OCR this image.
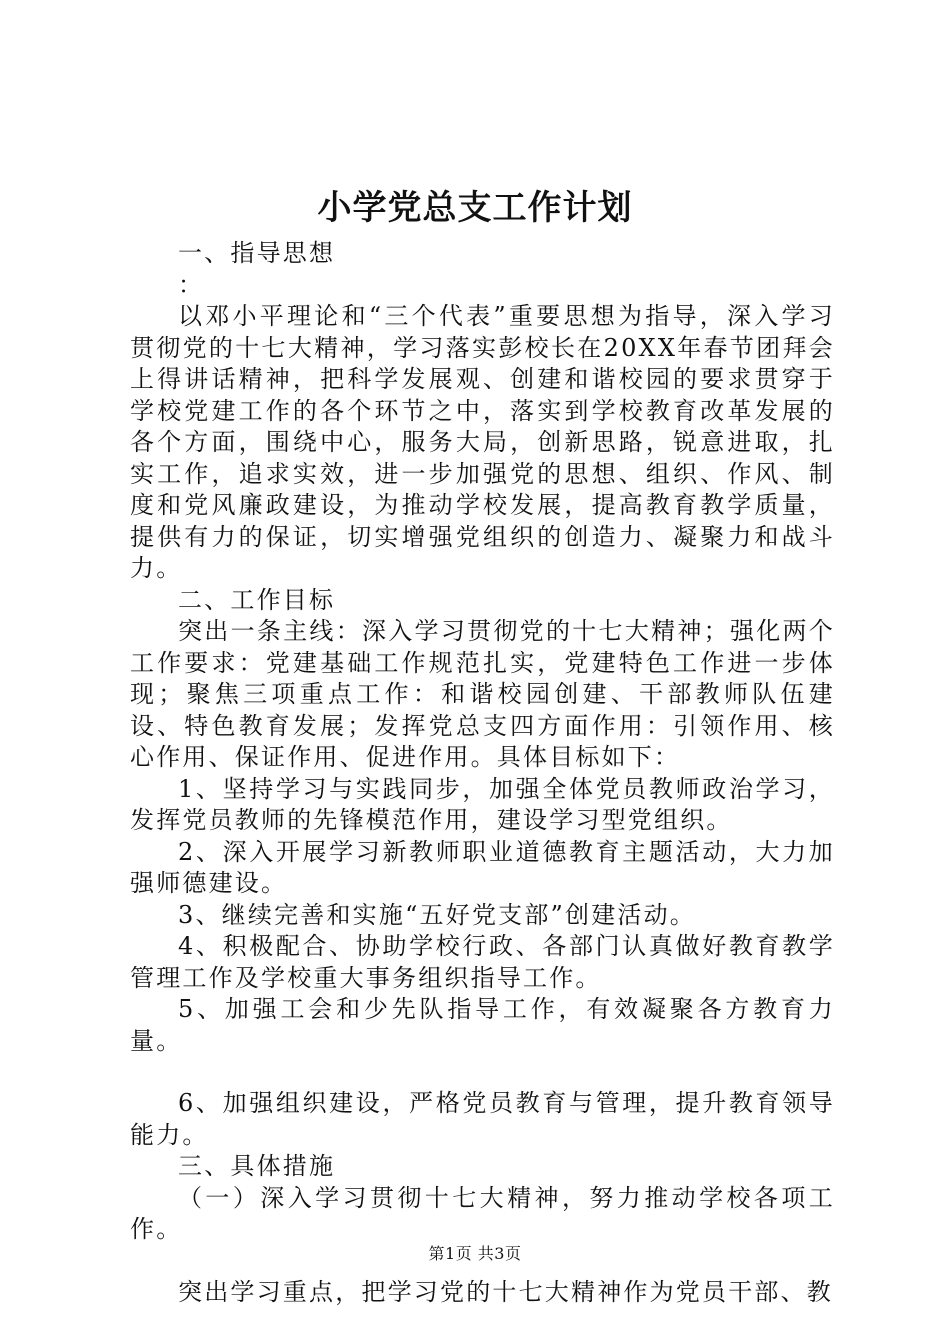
小学党总支工作计划

一、指导思想

：

以邓小平理论和“三个代表”重要思想为指导，深入学习贯彻党的十七大精神，学习落实彭校长在20XX年春节团拜会上得讲话精神，把科学发展观、创建和谐校园的要求贯穿于学校党建工作的各个环节之中，落实到学校教育改革发展的各个方面，围绕中心，服务大局，创新思路，锐意进取，扎实工作，追求实效，进一步加强党的思想、组织、作风、制度和党风廉政建设，为推动学校发展，提高教育教学质量，提供有力的保证，切实增强党组织的创造力、凝聚力和战斗力。

二、工作目标

突出一条主线：深入学习贯彻党的十七大精神；强化两个工作要求：党建基础工作规范扎实，党建特色工作进一步体现；聚焦三项重点工作：和谐校园创建、干部教师队伍建设、特色教育发展；发挥党总支四方面作用：引领作用、核心作用、保证作用、促进作用。具体目标如下：

1、坚持学习与实践同步，加强全体党员教师政治学习，发挥党员教师的先锋模范作用，建设学习型党组织。

2、深入开展学习新教师职业道德教育主题活动，大力加强师德建设。

3、继续完善和实施“五好党支部”创建活动。

4、积极配合、协助学校行政、各部门认真做好教育教学管理工作及学校重大事务组织指导工作。

5、加强工会和少先队指导工作，有效凝聚各方教育力量。

6、加强组织建设，严格党员教育与管理，提升教育领导能力。

三、具体措施

（一）深入学习贯彻十七大精神，努力推动学校各项工作。

突出学习重点，把学习党的十七大精神作为党员干部、教

第1页 共3页
